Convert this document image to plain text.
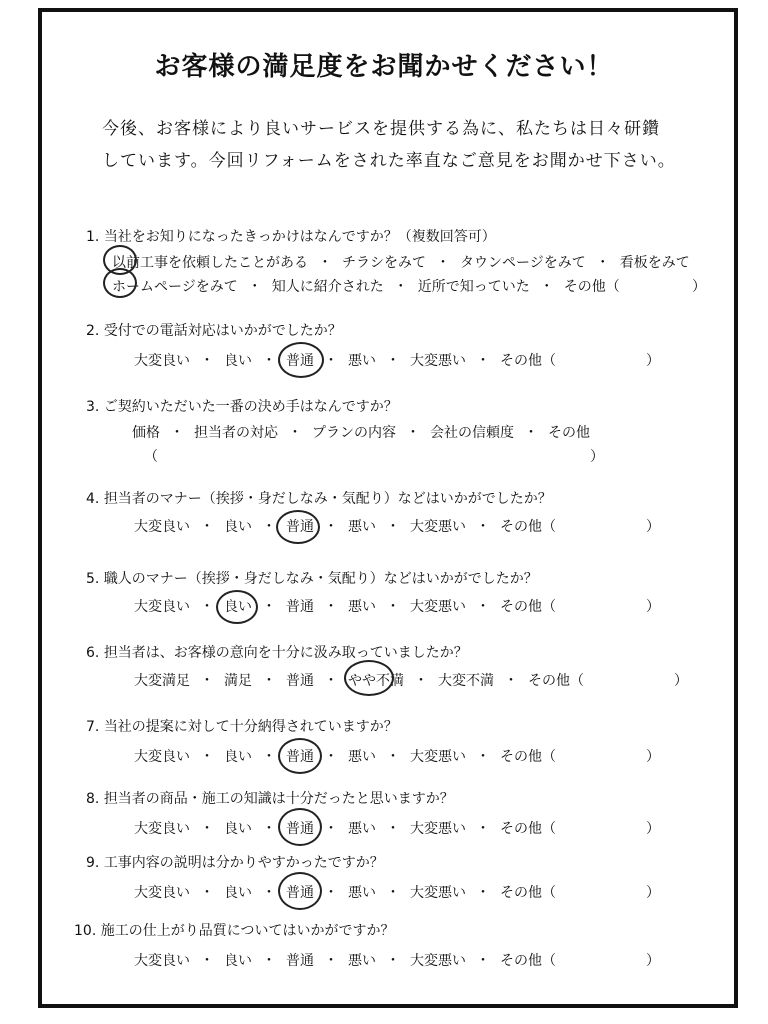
お客様の満足度をお聞かせください！
今後、お客様により良いサービスを提供する為に、私たちは日々研鑽
しています。今回リフォームをされた率直なご意見をお聞かせ下さい。
1. 当社をお知りになったきっかけはなんですか？（複数回答可）
以前工事を依頼したことがある ・ チラシをみて ・ タウンページをみて ・ 看板をみて
ホームページをみて ・ 知人に紹介された ・ 近所で知っていた ・ その他（	）
2. 受付での電話対応はいかがでしたか？
大変良い ・ 良い ・ 普通 ・ 悪い ・ 大変悪い ・ その他（	）
3. ご契約いただいた一番の決め手はなんですか？
価格 ・ 担当者の対応 ・ プランの内容 ・ 会社の信頼度 ・ その他
（	）
4. 担当者のマナー（挨拶・身だしなみ・気配り）などはいかがでしたか？
大変良い ・ 良い ・ 普通 ・ 悪い ・ 大変悪い ・ その他（	）
5. 職人のマナー（挨拶・身だしなみ・気配り）などはいかがでしたか？
大変良い ・ 良い ・ 普通 ・ 悪い ・ 大変悪い ・ その他（	）
6. 担当者は、お客様の意向を十分に汲み取っていましたか？
大変満足 ・ 満足 ・ 普通 ・ やや不満 ・ 大変不満 ・ その他（	）
7. 当社の提案に対して十分納得されていますか？
大変良い ・ 良い ・ 普通 ・ 悪い ・ 大変悪い ・ その他（	）
8. 担当者の商品・施工の知識は十分だったと思いますか？
大変良い ・ 良い ・ 普通 ・ 悪い ・ 大変悪い ・ その他（	）
9. 工事内容の説明は分かりやすかったですか？
大変良い ・ 良い ・ 普通 ・ 悪い ・ 大変悪い ・ その他（	）
10. 施工の仕上がり品質についてはいかがですか？
大変良い ・ 良い ・ 普通 ・ 悪い ・ 大変悪い ・ その他（	）
